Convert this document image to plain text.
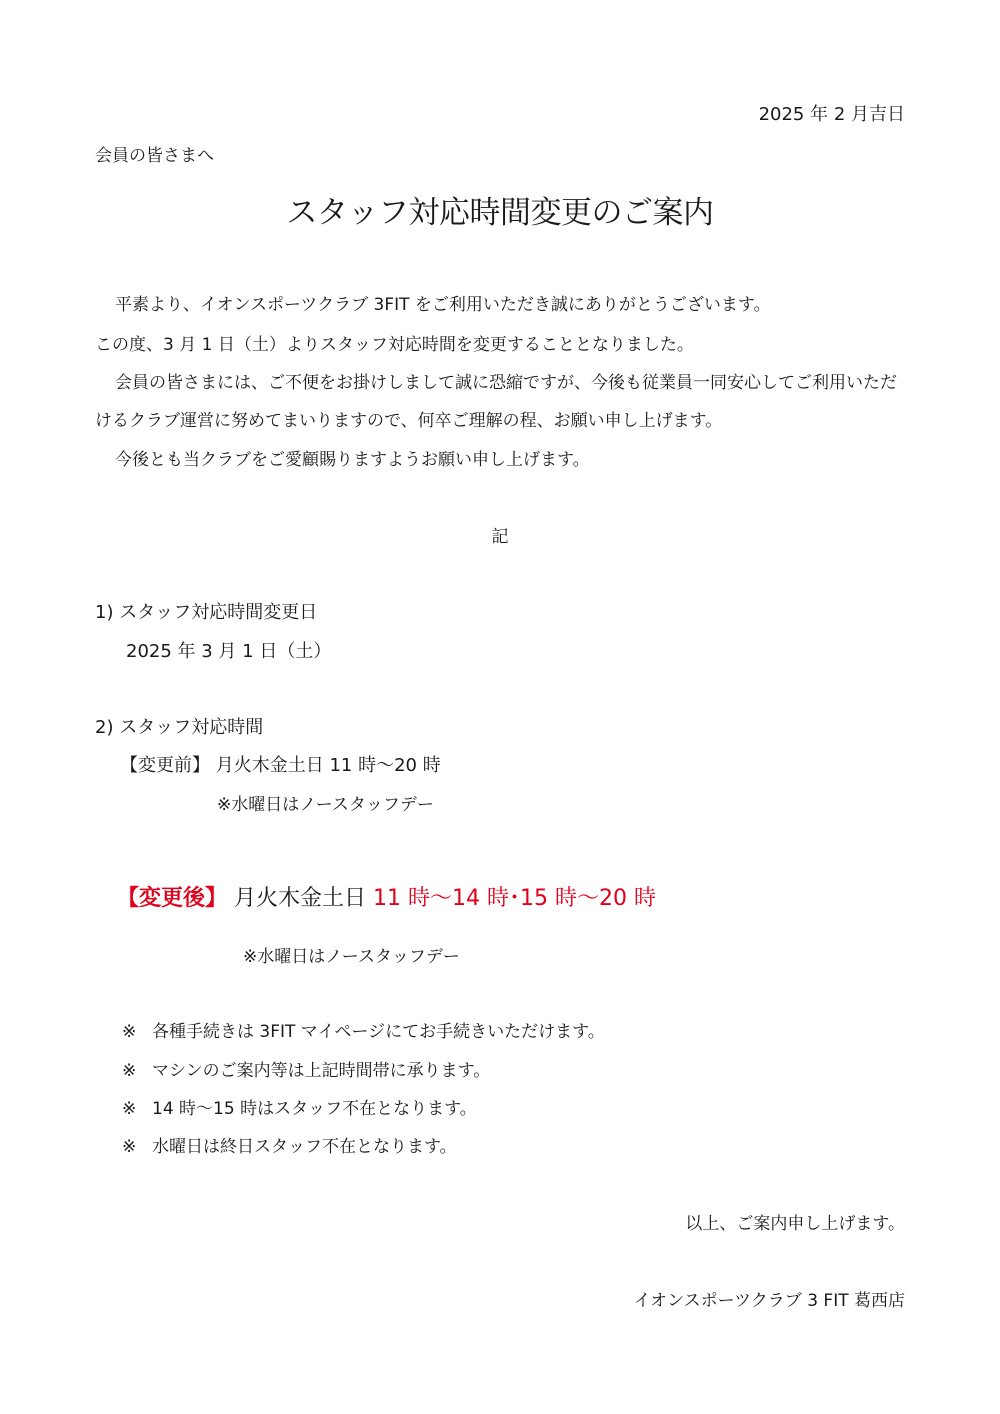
2025 年 2 月吉日
会員の皆さまへ
スタッフ対応時間変更のご案内
平素より、イオンスポーツクラブ 3FIT をご利用いただき誠にありがとうございます。
この度、3 月 1 日（土）よりスタッフ対応時間を変更することとなりました。
会員の皆さまには、ご不便をお掛けしまして誠に恐縮ですが、今後も従業員一同安心してご利用いただ
けるクラブ運営に努めてまいりますので、何卒ご理解の程、お願い申し上げます。
今後とも当クラブをご愛顧賜りますようお願い申し上げます。
記
1) スタッフ対応時間変更日
2025 年 3 月 1 日（土）
2) スタッフ対応時間
【変更前】 月火木金土日 11 時～20 時
※水曜日はノースタッフデー
【変更後】 月火木金土日 11 時～14 時･15 時～20 時
※水曜日はノースタッフデー
※ 各種手続きは 3FIT マイページにてお手続きいただけます。
※ マシンのご案内等は上記時間帯に承ります。
※ 14 時～15 時はスタッフ不在となります。
※ 水曜日は終日スタッフ不在となります。
以上、ご案内申し上げます。
イオンスポーツクラブ 3 FIT 葛西店
